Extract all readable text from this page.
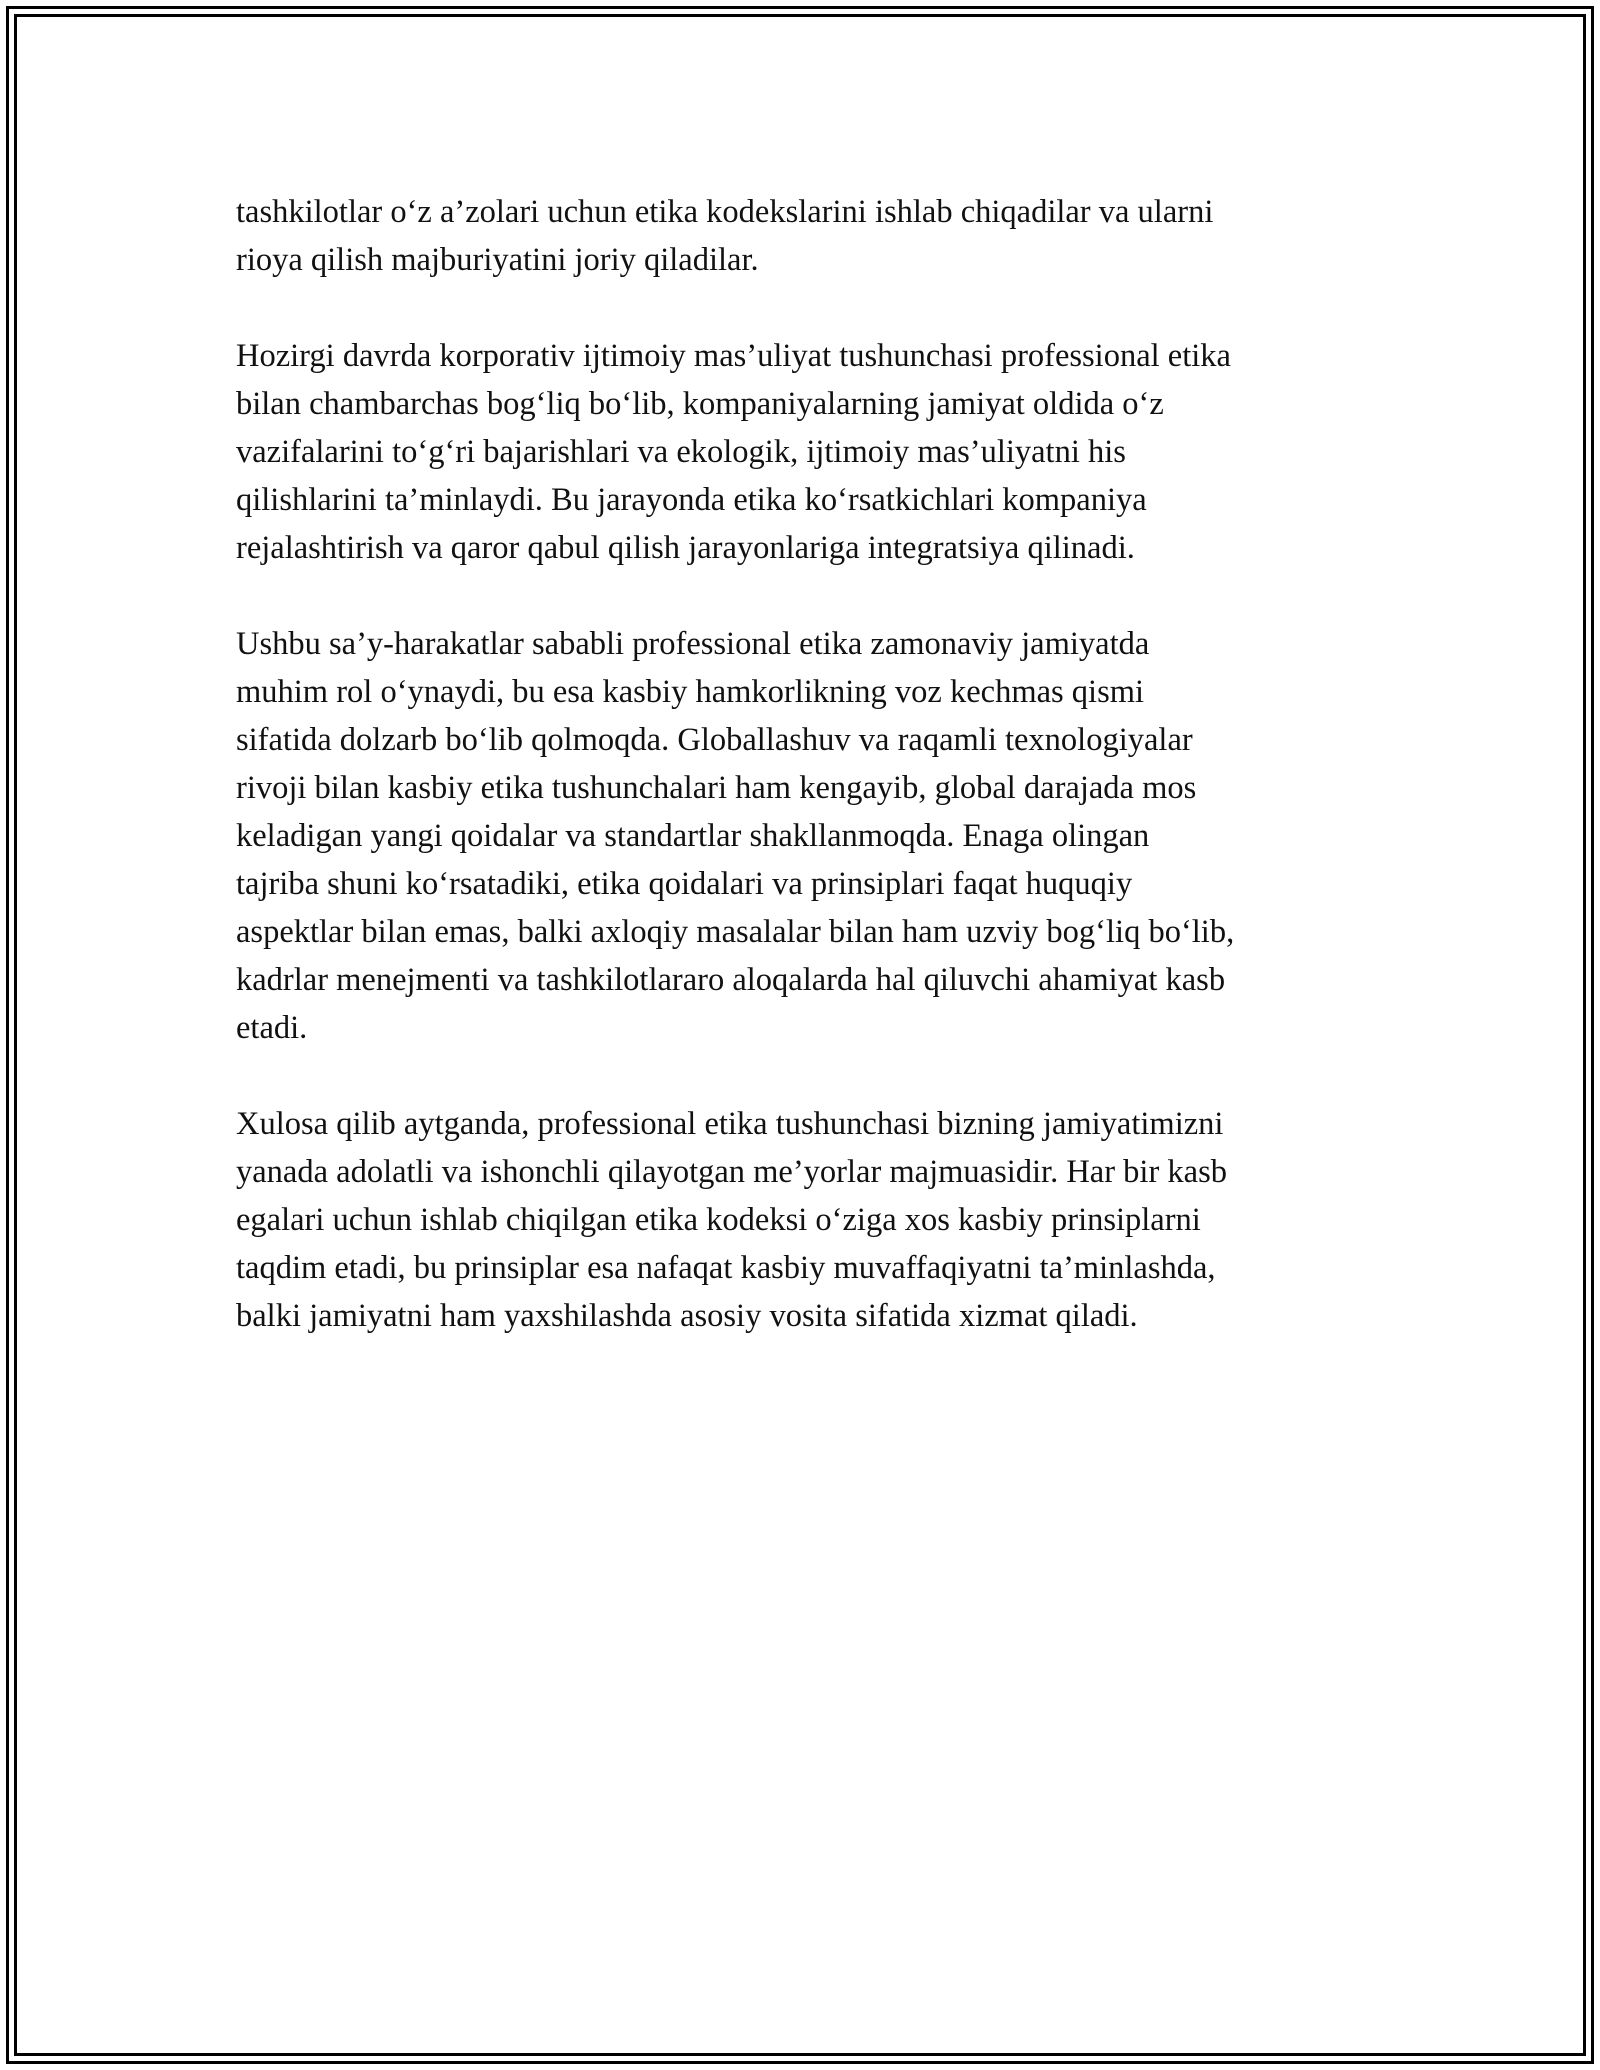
tashkilotlar o‘z a’zolari uchun etika kodekslarini ishlab chiqadilar va ularni
rioya qilish majburiyatini joriy qiladilar.

Hozirgi davrda korporativ ijtimoiy mas’uliyat tushunchasi professional etika
bilan chambarchas bog‘liq bo‘lib, kompaniyalarning jamiyat oldida o‘z
vazifalarini to‘g‘ri bajarishlari va ekologik, ijtimoiy mas’uliyatni his
qilishlarini ta’minlaydi. Bu jarayonda etika ko‘rsatkichlari kompaniya
rejalashtirish va qaror qabul qilish jarayonlariga integratsiya qilinadi.

Ushbu sa’y-harakatlar sababli professional etika zamonaviy jamiyatda
muhim rol o‘ynaydi, bu esa kasbiy hamkorlikning voz kechmas qismi
sifatida dolzarb bo‘lib qolmoqda. Globallashuv va raqamli texnologiyalar
rivoji bilan kasbiy etika tushunchalari ham kengayib, global darajada mos
keladigan yangi qoidalar va standartlar shakllanmoqda. Enaga olingan
tajriba shuni ko‘rsatadiki, etika qoidalari va prinsiplari faqat huquqiy
aspektlar bilan emas, balki axloqiy masalalar bilan ham uzviy bog‘liq bo‘lib,
kadrlar menejmenti va tashkilotlararo aloqalarda hal qiluvchi ahamiyat kasb
etadi.

Xulosa qilib aytganda, professional etika tushunchasi bizning jamiyatimizni
yanada adolatli va ishonchli qilayotgan me’yorlar majmuasidir. Har bir kasb
egalari uchun ishlab chiqilgan etika kodeksi o‘ziga xos kasbiy prinsiplarni
taqdim etadi, bu prinsiplar esa nafaqat kasbiy muvaffaqiyatni ta’minlashda,
balki jamiyatni ham yaxshilashda asosiy vosita sifatida xizmat qiladi.
